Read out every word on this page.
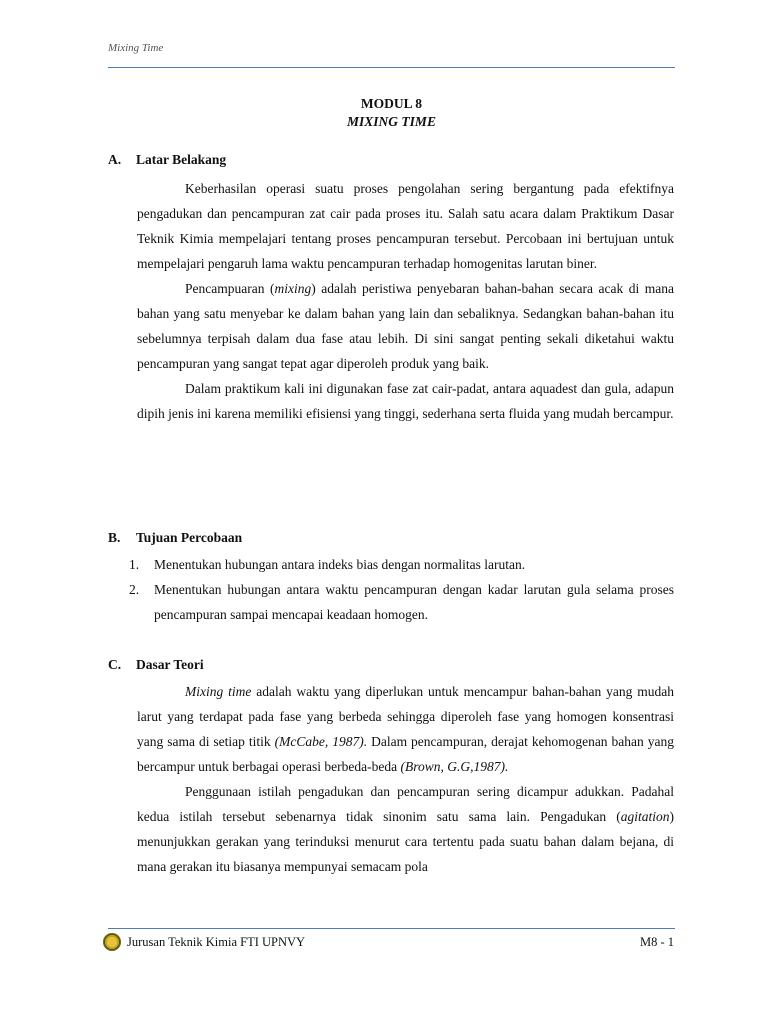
Mixing Time
MODUL 8
MIXING TIME
A. Latar Belakang

Keberhasilan operasi suatu proses pengolahan sering bergantung pada efektifnya pengadukan dan pencampuran zat cair pada proses itu. Salah satu acara dalam Praktikum Dasar Teknik Kimia mempelajari tentang proses pencampuran tersebut. Percobaan ini bertujuan untuk mempelajari pengaruh lama waktu pencampuran terhadap homogenitas larutan biner.

Pencampuaran (mixing) adalah peristiwa penyebaran bahan-bahan secara acak di mana bahan yang satu menyebar ke dalam bahan yang lain dan sebaliknya. Sedangkan bahan-bahan itu sebelumnya terpisah dalam dua fase atau lebih. Di sini sangat penting sekali diketahui waktu pencampuran yang sangat tepat agar diperoleh produk yang baik.

Dalam praktikum kali ini digunakan fase zat cair-padat, antara aquadest dan gula, adapun dipih jenis ini karena memiliki efisiensi yang tinggi, sederhana serta fluida yang mudah bercampur.

B. Tujuan Percobaan
1.	Menentukan hubungan antara indeks bias dengan normalitas larutan.
2.	Menentukan hubungan antara waktu pencampuran dengan kadar larutan gula selama proses pencampuran sampai mencapai keadaan homogen.
C. Dasar Teori

Mixing time adalah waktu yang diperlukan untuk mencampur bahan-bahan yang mudah larut yang terdapat pada fase yang berbeda sehingga diperoleh fase yang homogen konsentrasi yang sama di setiap titik (McCabe, 1987). Dalam pencampuran, derajat kehomogenan bahan yang bercampur untuk berbagai operasi berbeda-beda (Brown, G.G,1987).

Penggunaan istilah pengadukan dan pencampuran sering dicampur adukkan. Padahal kedua istilah tersebut sebenarnya tidak sinonim satu sama lain. Pengadukan (agitation) menunjukkan gerakan yang terinduksi menurut cara tertentu pada suatu bahan dalam bejana, di mana gerakan itu biasanya mempunyai semacam pola

Jurusan Teknik Kimia FTI UPNVY	M8 - 1
